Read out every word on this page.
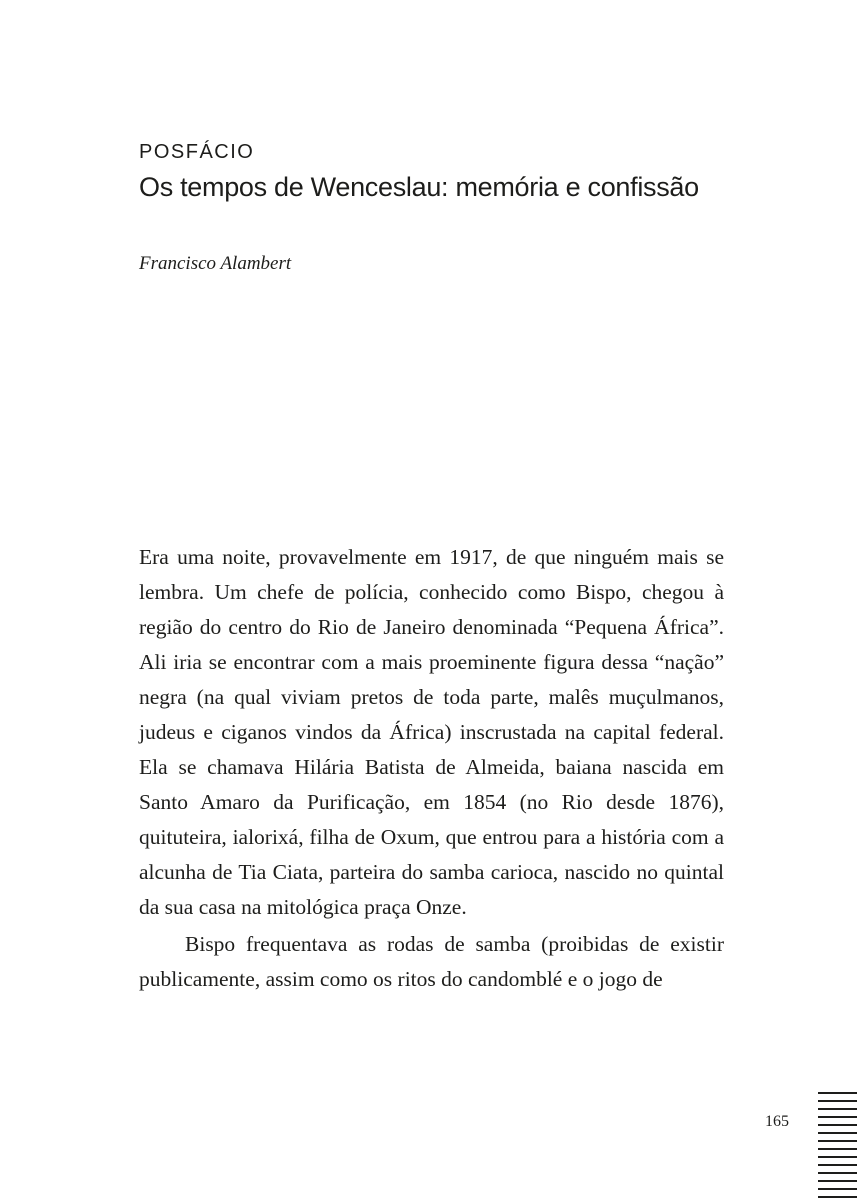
POSFÁCIO
Os tempos de Wenceslau: memória e confissão

Francisco Alambert

Era uma noite, provavelmente em 1917, de que ninguém mais se lembra. Um chefe de polícia, conhecido como Bispo, chegou à região do centro do Rio de Janeiro denominada “Pequena África”. Ali iria se encontrar com a mais proeminente figura dessa “nação” negra (na qual viviam pretos de toda parte, malês muçulmanos, judeus e ciganos vindos da África) inscrustada na capital federal. Ela se chamava Hilária Batista de Almeida, baiana nascida em Santo Amaro da Purificação, em 1854 (no Rio desde 1876), quituteira, ialorixá, filha de Oxum, que entrou para a história com a alcunha de Tia Ciata, parteira do samba carioca, nascido no quintal da sua casa na mitológica praça Onze.

Bispo frequentava as rodas de samba (proibidas de existir publicamente, assim como os ritos do candomblé e o jogo de

165
